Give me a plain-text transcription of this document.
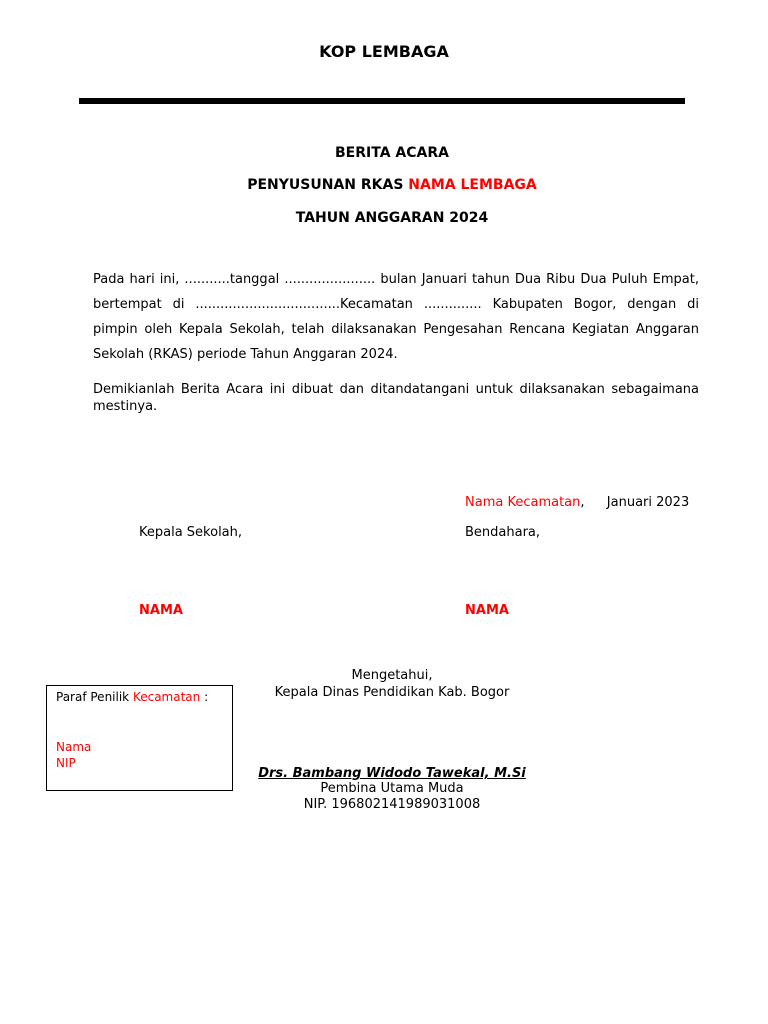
KOP LEMBAGA
BERITA ACARA
PENYUSUNAN RKAS NAMA LEMBAGA
TAHUN ANGGARAN 2024
Pada hari ini, ...........tanggal ...................... bulan Januari tahun Dua Ribu Dua Puluh Empat, bertempat di ...................................Kecamatan .............. Kabupaten Bogor, dengan di pimpin oleh Kepala Sekolah, telah dilaksanakan Pengesahan Rencana Kegiatan Anggaran Sekolah (RKAS) periode Tahun Anggaran 2024.
Demikianlah Berita Acara ini dibuat dan ditandatangani untuk dilaksanakan sebagaimana mestinya.
Nama Kecamatan, Januari 2023
Kepala Sekolah,	Bendahara,
NAMA	NAMA
Paraf Penilik Kecamatan :
Nama
NIP
Mengetahui,
Kepala Dinas Pendidikan Kab. Bogor
Drs. Bambang Widodo Tawekal, M.Si
Pembina Utama Muda
NIP. 196802141989031008
